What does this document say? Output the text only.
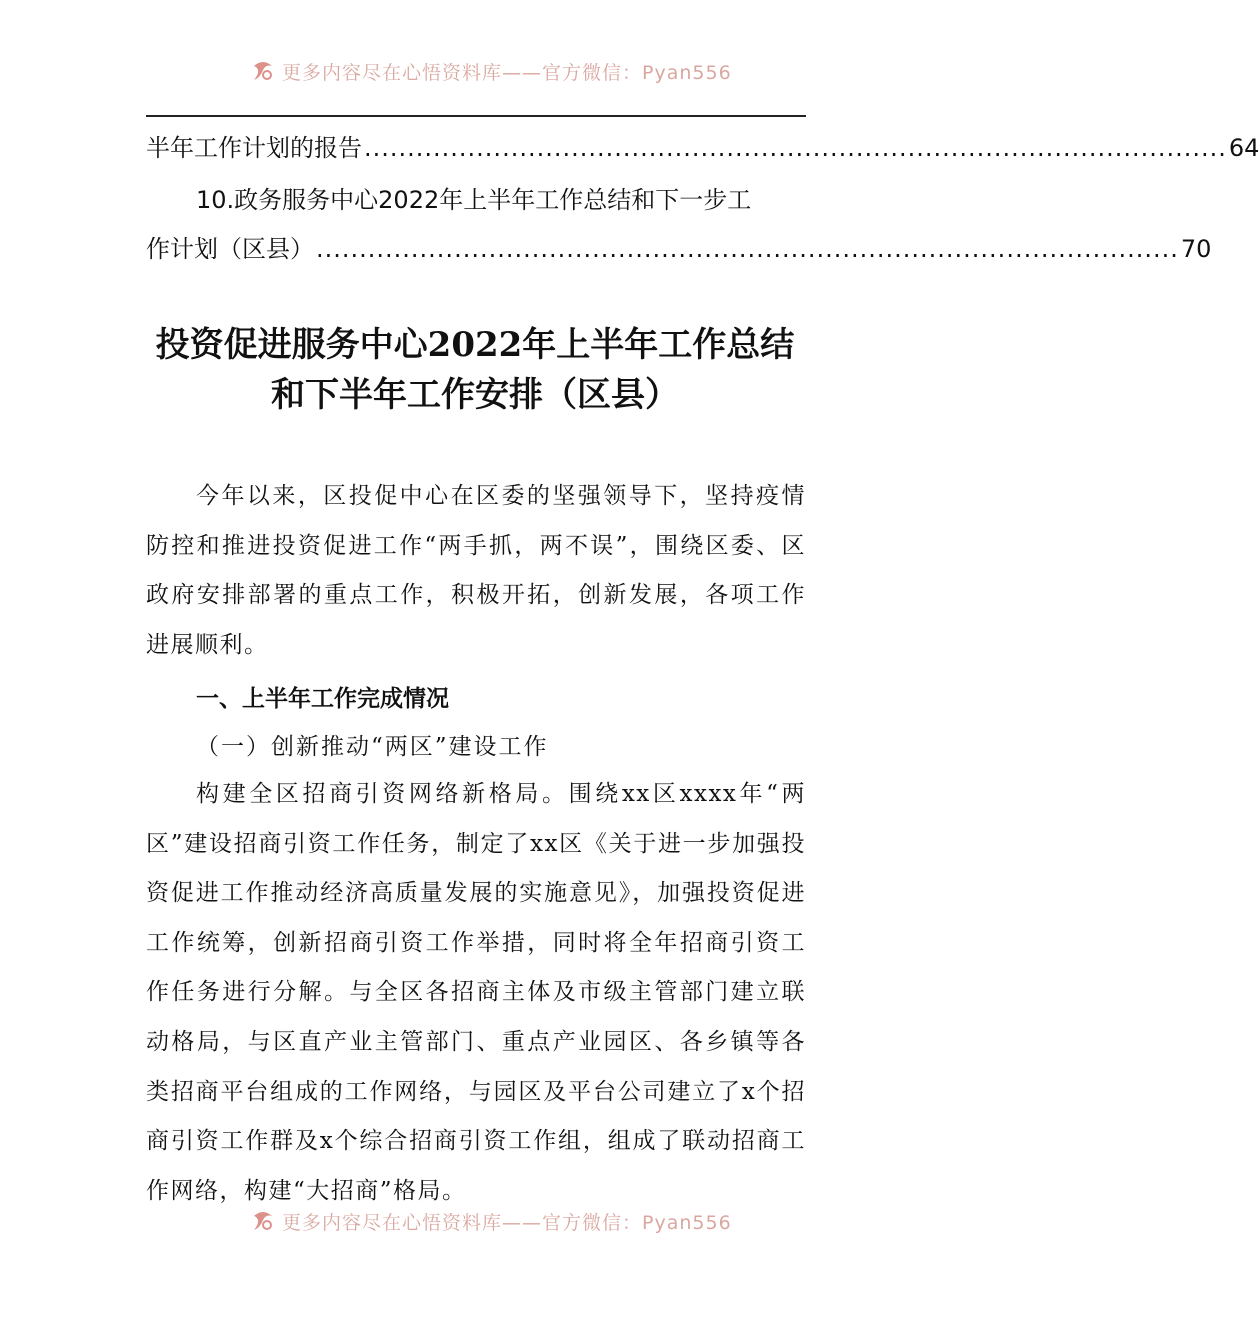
更多内容尽在心悟资料库——官方微信：Pyan556
半年工作计划的报告 .................................................................................................... 64
10.政务服务中心2022年上半年工作总结和下一步工
作计划（区县） .................................................................................................... 70
投资促进服务中心2022年上半年工作总结
和下半年工作安排（区县）

今年以来，区投促中心在区委的坚强领导下，坚持疫情防控和推进投资促进工作“两手抓，两不误”，围绕区委、区政府安排部署的重点工作，积极开拓，创新发展，各项工作进展顺利。

一、上半年工作完成情况
（一）创新推动“两区”建设工作

构建全区招商引资网络新格局。围绕xx区xxxx年“两区”建设招商引资工作任务，制定了xx区《关于进一步加强投资促进工作推动经济高质量发展的实施意见》，加强投资促进工作统筹，创新招商引资工作举措，同时将全年招商引资工作任务进行分解。与全区各招商主体及市级主管部门建立联动格局，与区直产业主管部门、重点产业园区、各乡镇等各类招商平台组成的工作网络，与园区及平台公司建立了x个招商引资工作群及x个综合招商引资工作组，组成了联动招商工作网络，构建“大招商”格局。

更多内容尽在心悟资料库——官方微信：Pyan556
